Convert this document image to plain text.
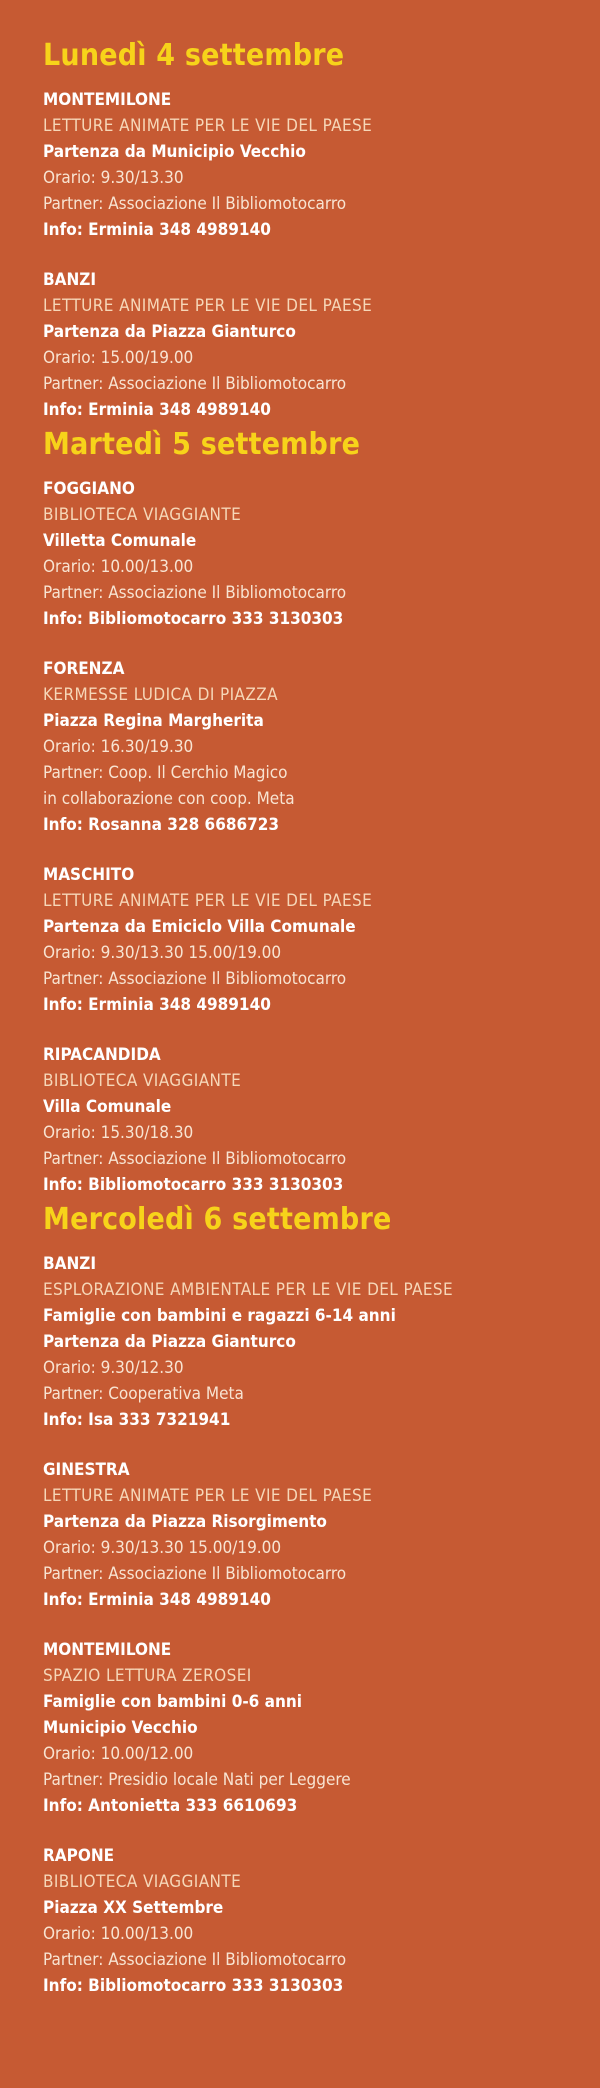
Lunedì 4 settembre
MONTEMILONE
LETTURE ANIMATE PER LE VIE DEL PAESE
Partenza da Municipio Vecchio
Orario: 9.30/13.30
Partner: Associazione Il Bibliomotocarro
Info: Erminia 348 4989140
BANZI
LETTURE ANIMATE PER LE VIE DEL PAESE
Partenza da Piazza Gianturco
Orario: 15.00/19.00
Partner: Associazione Il Bibliomotocarro
Info: Erminia 348 4989140
Martedì 5 settembre
FOGGIANO
BIBLIOTECA VIAGGIANTE
Villetta Comunale
Orario: 10.00/13.00
Partner: Associazione Il Bibliomotocarro
Info: Bibliomotocarro 333 3130303
FORENZA
KERMESSE LUDICA DI PIAZZA
Piazza Regina Margherita
Orario: 16.30/19.30
Partner: Coop. Il Cerchio Magico
in collaborazione con coop. Meta
Info: Rosanna 328 6686723
MASCHITO
LETTURE ANIMATE PER LE VIE DEL PAESE
Partenza da Emiciclo Villa Comunale
Orario: 9.30/13.30 15.00/19.00
Partner: Associazione Il Bibliomotocarro
Info: Erminia 348 4989140
RIPACANDIDA
BIBLIOTECA VIAGGIANTE
Villa Comunale
Orario: 15.30/18.30
Partner: Associazione Il Bibliomotocarro
Info: Bibliomotocarro 333 3130303
Mercoledì 6 settembre
BANZI
ESPLORAZIONE AMBIENTALE PER LE VIE DEL PAESE
Famiglie con bambini e ragazzi 6-14 anni
Partenza da Piazza Gianturco
Orario: 9.30/12.30
Partner: Cooperativa Meta
Info: Isa 333 7321941
GINESTRA
LETTURE ANIMATE PER LE VIE DEL PAESE
Partenza da Piazza Risorgimento
Orario: 9.30/13.30 15.00/19.00
Partner: Associazione Il Bibliomotocarro
Info: Erminia 348 4989140
MONTEMILONE
SPAZIO LETTURA ZEROSEI
Famiglie con bambini 0-6 anni
Municipio Vecchio
Orario: 10.00/12.00
Partner: Presidio locale Nati per Leggere
Info: Antonietta 333 6610693
RAPONE
BIBLIOTECA VIAGGIANTE
Piazza XX Settembre
Orario: 10.00/13.00
Partner: Associazione Il Bibliomotocarro
Info: Bibliomotocarro 333 3130303
